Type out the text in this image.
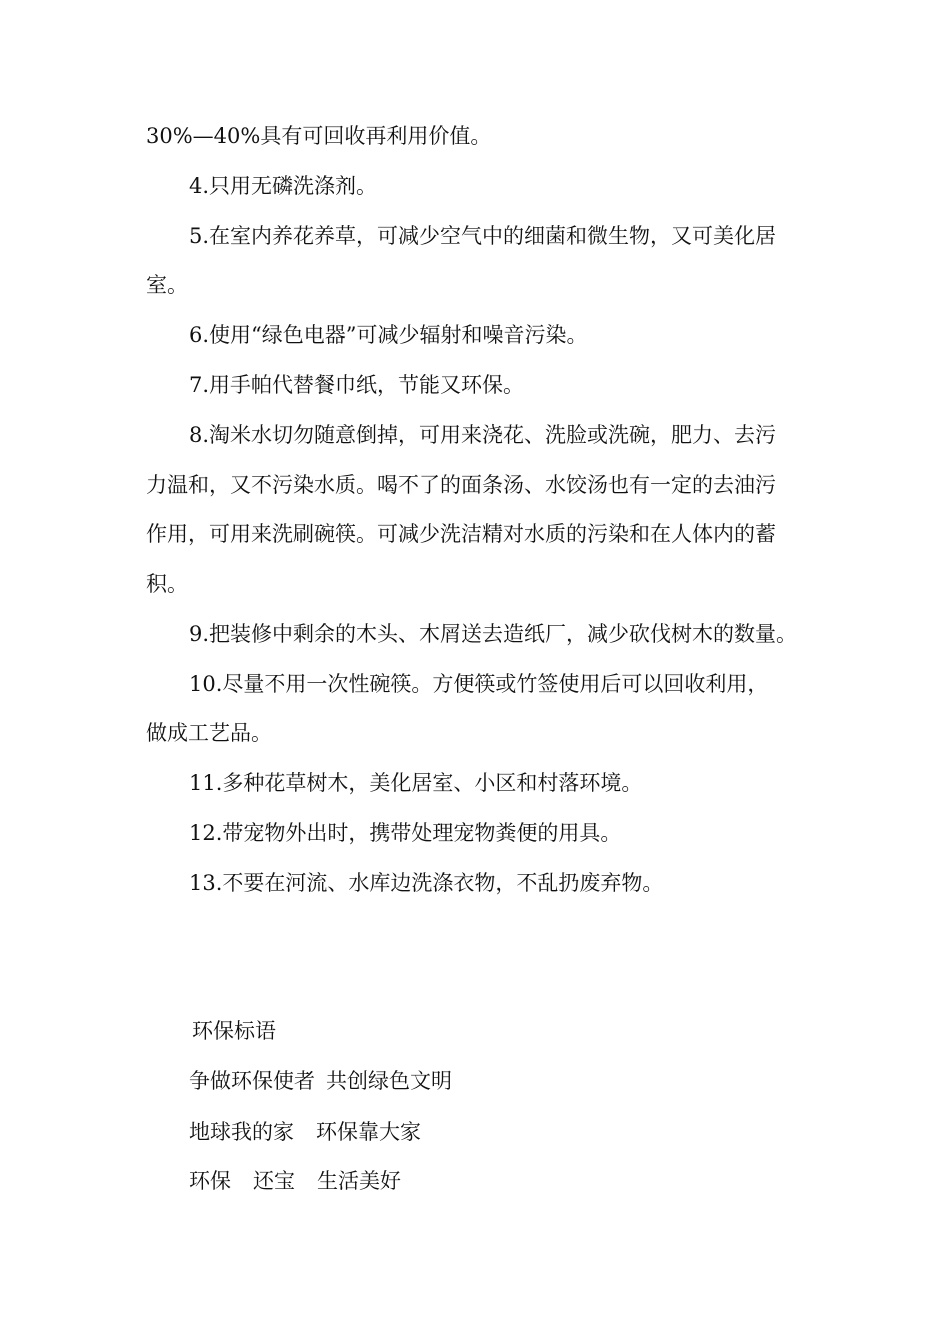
30%—40%具有可回收再利用价值。
4.只用无磷洗涤剂。
5.在室内养花养草，可减少空气中的细菌和微生物，又可美化居
室。
6.使用“绿色电器”可减少辐射和噪音污染。
7.用手帕代替餐巾纸，节能又环保。
8.淘米水切勿随意倒掉，可用来浇花、洗脸或洗碗，肥力、去污
力温和，又不污染水质。喝不了的面条汤、水饺汤也有一定的去油污
作用，可用来洗刷碗筷。可减少洗洁精对水质的污染和在人体内的蓄
积。
9.把装修中剩余的木头、木屑送去造纸厂，减少砍伐树木的数量。
10.尽量不用一次性碗筷。方便筷或竹签使用后可以回收利用，
做成工艺品。
11.多种花草树木，美化居室、小区和村落环境。
12.带宠物外出时，携带处理宠物粪便的用具。
13.不要在河流、水库边洗涤衣物，不乱扔废弃物。
环保标语
争做环保使者 共创绿色文明
地球我的家 环保靠大家
环保 还宝 生活美好
